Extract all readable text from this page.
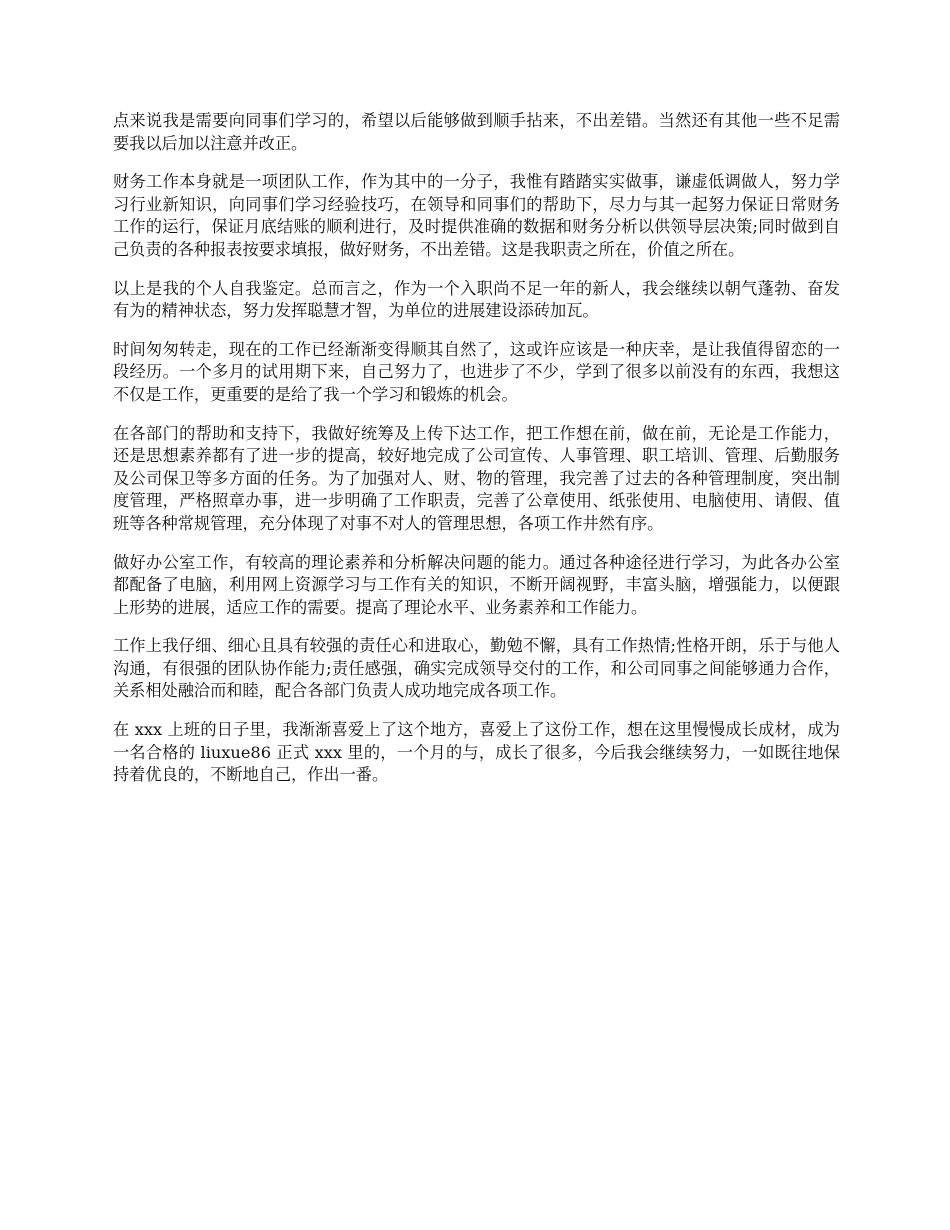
点来说我是需要向同事们学习的，希望以后能够做到顺手拈来，不出差错。当然还有其他一些不足需要我以后加以注意并改正。

财务工作本身就是一项团队工作，作为其中的一分子，我惟有踏踏实实做事，谦虚低调做人，努力学习行业新知识，向同事们学习经验技巧，在领导和同事们的帮助下，尽力与其一起努力保证日常财务工作的运行，保证月底结账的顺利进行，及时提供准确的数据和财务分析以供领导层决策;同时做到自己负责的各种报表按要求填报，做好财务，不出差错。这是我职责之所在，价值之所在。

以上是我的个人自我鉴定。总而言之，作为一个入职尚不足一年的新人，我会继续以朝气蓬勃、奋发有为的精神状态，努力发挥聪慧才智，为单位的进展建设添砖加瓦。

时间匆匆转走，现在的工作已经渐渐变得顺其自然了，这或许应该是一种庆幸，是让我值得留恋的一段经历。一个多月的试用期下来，自己努力了，也进步了不少，学到了很多以前没有的东西，我想这不仅是工作，更重要的是给了我一个学习和锻炼的机会。

在各部门的帮助和支持下，我做好统筹及上传下达工作，把工作想在前，做在前，无论是工作能力，还是思想素养都有了进一步的提高，较好地完成了公司宣传、人事管理、职工培训、管理、后勤服务及公司保卫等多方面的任务。为了加强对人、财、物的管理，我完善了过去的各种管理制度，突出制度管理，严格照章办事，进一步明确了工作职责，完善了公章使用、纸张使用、电脑使用、请假、值班等各种常规管理，充分体现了对事不对人的管理思想，各项工作井然有序。

做好办公室工作，有较高的理论素养和分析解决问题的能力。通过各种途径进行学习，为此各办公室都配备了电脑，利用网上资源学习与工作有关的知识，不断开阔视野，丰富头脑，增强能力，以便跟上形势的进展，适应工作的需要。提高了理论水平、业务素养和工作能力。

工作上我仔细、细心且具有较强的责任心和进取心，勤勉不懈，具有工作热情;性格开朗，乐于与他人沟通，有很强的团队协作能力;责任感强，确实完成领导交付的工作，和公司同事之间能够通力合作，关系相处融洽而和睦，配合各部门负责人成功地完成各项工作。

在 xxx 上班的日子里，我渐渐喜爱上了这个地方，喜爱上了这份工作，想在这里慢慢成长成材，成为一名合格的 liuxue86 正式 xxx 里的，一个月的与，成长了很多，今后我会继续努力，一如既往地保持着优良的，不断地自己，作出一番。
